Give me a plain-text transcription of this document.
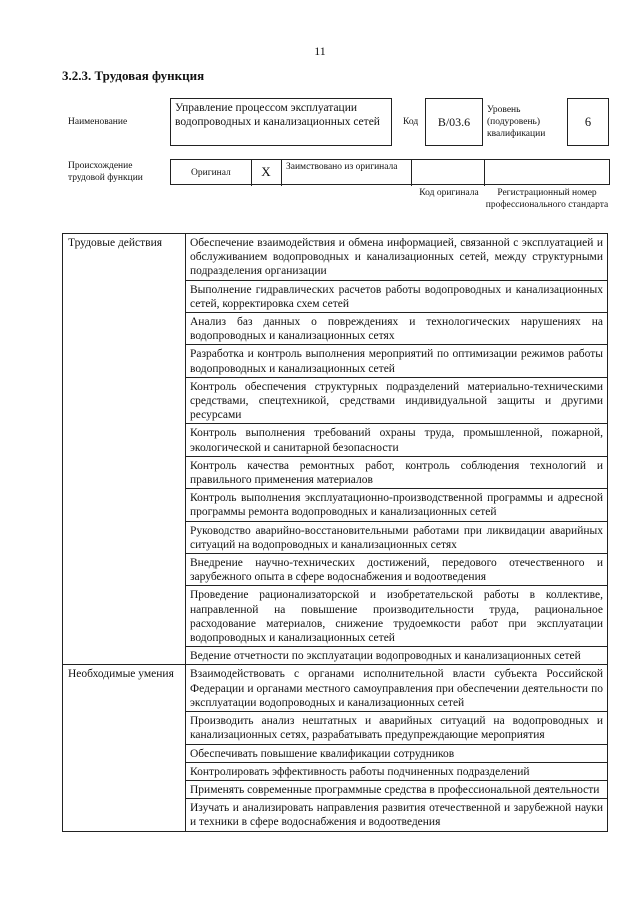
11
3.2.3. Трудовая функция
Наименование
Управление процессом эксплуатации водопроводных и канализационных сетей	Код	B/03.6
Уровень (подуровень) квалификации
6
Происхождение трудовой функции	Оригинал	X	Заимствовано из оригинала
Код оригинала	Регистрационный номер профессионального стандарта
Трудовые действия	Обеспечение взаимодействия и обмена информацией, связанной с эксплуатацией и обслуживанием водопроводных и канализационных сетей, между структурными подразделения организации
	Выполнение гидравлических расчетов работы водопроводных и канализационных сетей, корректировка схем сетей
	Анализ баз данных о повреждениях и технологических нарушениях на водопроводных и канализационных сетях
	Разработка и контроль выполнения мероприятий по оптимизации режимов работы водопроводных и канализационных сетей
	Контроль обеспечения структурных подразделений материально-техническими средствами, спецтехникой, средствами индивидуальной защиты и другими ресурсами
	Контроль выполнения требований охраны труда, промышленной, пожарной, экологической и санитарной безопасности
	Контроль качества ремонтных работ, контроль соблюдения технологий и правильного применения материалов
	Контроль выполнения эксплуатационно-производственной программы и адресной программы ремонта водопроводных и канализационных сетей
	Руководство аварийно-восстановительными работами при ликвидации аварийных ситуаций на водопроводных и канализационных сетях
	Внедрение научно-технических достижений, передового отечественного и зарубежного опыта в сфере водоснабжения и водоотведения
	Проведение рационализаторской и изобретательской работы в коллективе, направленной на повышение производительности труда, рациональное расходование материалов, снижение трудоемкости работ при эксплуатации водопроводных и канализационных сетей
	Ведение отчетности по эксплуатации водопроводных и канализационных сетей
Необходимые умения	Взаимодействовать с органами исполнительной власти субъекта Российской Федерации и органами местного самоуправления при обеспечении деятельности по эксплуатации водопроводных и канализационных сетей
	Производить анализ нештатных и аварийных ситуаций на водопроводных и канализационных сетях, разрабатывать предупреждающие мероприятия
	Обеспечивать повышение квалификации сотрудников
	Контролировать эффективность работы подчиненных подразделений
	Применять современные программные средства в профессиональной деятельности
	Изучать и анализировать направления развития отечественной и зарубежной науки и техники в сфере водоснабжения и водоотведения
